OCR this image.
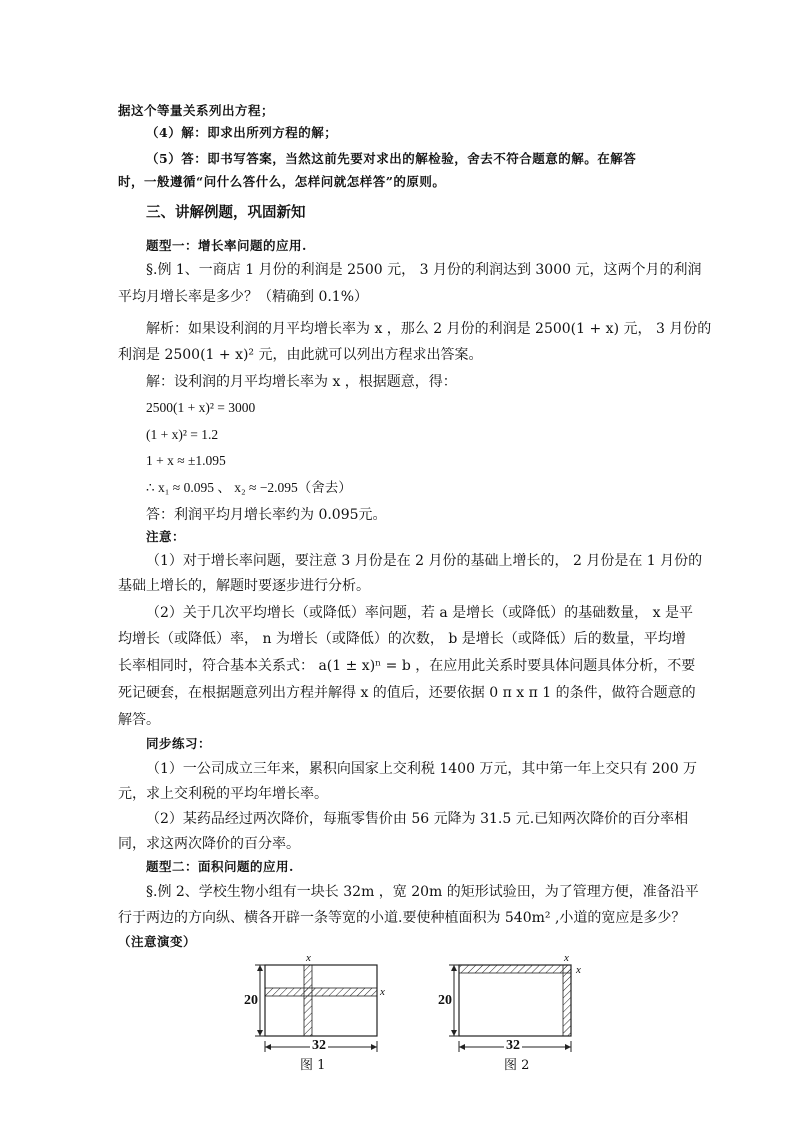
据这个等量关系列出方程；
（4）解：即求出所列方程的解；
（5）答：即书写答案，当然这前先要对求出的解检验，舍去不符合题意的解。在解答
时，一般遵循“问什么答什么，怎样问就怎样答”的原则。
三、讲解例题，巩固新知
题型一：增长率问题的应用.
§.例 1、一商店 1 月份的利润是 2500 元， 3 月份的利润达到 3000 元，这两个月的利润
平均月增长率是多少？（精确到 0.1%）
解析：如果设利润的月平均增长率为 x ，那么 2 月份的利润是 2500(1 + x) 元， 3 月份的
利润是 2500(1 + x)² 元，由此就可以列出方程求出答案。
解：设利润的月平均增长率为 x ，根据题意，得：
2500(1 + x)² = 3000
(1 + x)² = 1.2
1 + x ≈ ±1.095
∴ x₁ ≈ 0.095 、 x₂ ≈ −2.095（舍去）
答：利润平均月增长率约为 0.095元。
注意：
（1）对于增长率问题，要注意 3 月份是在 2 月份的基础上增长的， 2 月份是在 1 月份的
基础上增长的，解题时要逐步进行分析。
（2）关于几次平均增长（或降低）率问题，若 a 是增长（或降低）的基础数量， x 是平
均增长（或降低）率， n 为增长（或降低）的次数， b 是增长（或降低）后的数量，平均增
长率相同时，符合基本关系式： a(1 ± x)ⁿ = b ，在应用此关系时要具体问题具体分析，不要
死记硬套，在根据题意列出方程并解得 x 的值后，还要依据 0 π x π 1 的条件，做符合题意的
解答。
同步练习：
（1）一公司成立三年来，累积向国家上交利税 1400 万元，其中第一年上交只有 200 万
元，求上交利税的平均年增长率。
（2）某药品经过两次降价，每瓶零售价由 56 元降为 31.5 元.已知两次降价的百分率相
同，求这两次降价的百分率。
题型二：面积问题的应用.
§.例 2、学校生物小组有一块长 32m ，宽 20m 的矩形试验田，为了管理方便，准备沿平
行于两边的方向纵、横各开辟一条等宽的小道.要使种植面积为 540m² ,小道的宽应是多少？
（注意演变）
20
32
x
x
图 1
20
32
x
x
图 2
